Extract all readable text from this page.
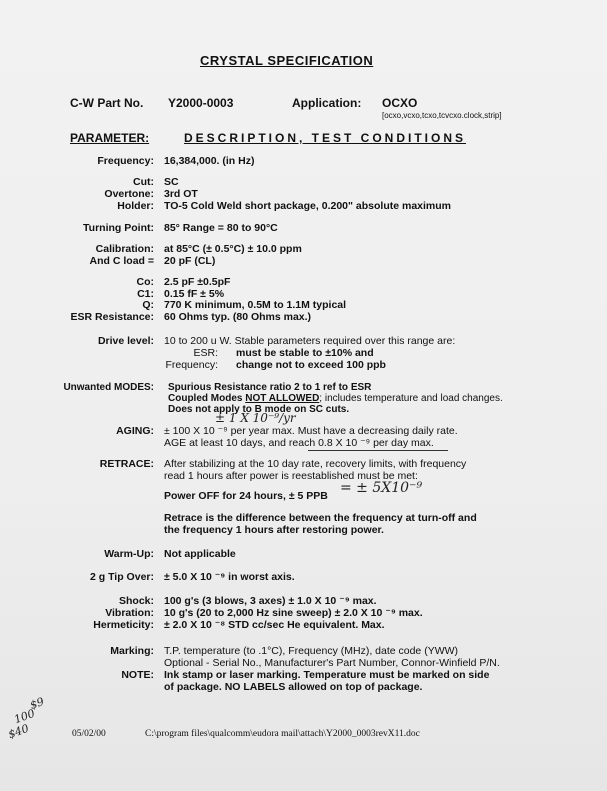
CRYSTAL SPECIFICATION
C-W Part No. Y2000-0003	Application: OCXO
[ocxo,vcxo,tcxo,tcvcxo.clock,strip]
PARAMETER:	DESCRIPTION, TEST CONDITIONS
Frequency: 16,384,000. (in Hz)
Cut: SC
Overtone: 3rd OT
Holder: TO-5 Cold Weld short package, 0.200" absolute maximum
Turning Point: 85° Range = 80 to 90°C
Calibration: at 85°C (± 0.5°C) ± 10.0 ppm
And C load = 20 pF (CL)
Co: 2.5 pF ±0.5pF
C1: 0.15 fF ± 5%
Q: 770 K minimum, 0.5M to 1.1M typical
ESR Resistance: 60 Ohms typ. (80 Ohms max.)
Drive level: 10 to 200 u W. Stable parameters required over this range are:
ESR: must be stable to ±10% and
Frequency: change not to exceed 100 ppb
Unwanted MODES: Spurious Resistance ratio 2 to 1 ref to ESR
Coupled Modes NOT ALLOWED; includes temperature and load changes.
Does not apply to B mode on SC cuts.
± 1 X 10⁻⁹/yr
AGING: ± 100 X 10 ⁻⁹ per year max. Must have a decreasing daily rate.
AGE at least 10 days, and reach 0.8 X 10 ⁻⁹ per day max.
RETRACE: After stabilizing at the 10 day rate, recovery limits, with frequency
read 1 hours after power is reestablished must be met:
Power OFF for 24 hours, ± 5 PPB = ± 5X10⁻⁹
Retrace is the difference between the frequency at turn-off and
the frequency 1 hours after restoring power.
Warm-Up: Not applicable
2 g Tip Over: ± 5.0 X 10 ⁻⁹ in worst axis.
Shock: 100 g's (3 blows, 3 axes) ± 1.0 X 10 ⁻⁹ max.
Vibration: 10 g's (20 to 2,000 Hz sine sweep) ± 2.0 X 10 ⁻⁹ max.
Hermeticity: ± 2.0 X 10 ⁻⁸ STD cc/sec He equivalent. Max.
Marking: T.P. temperature (to .1°C), Frequency (MHz), date code (YWW)
Optional - Serial No., Manufacturer's Part Number, Connor-Winfield P/N.
NOTE: Ink stamp or laser marking. Temperature must be marked on side
of package. NO LABELS allowed on top of package.
$9
100
$40	05/02/00	C:\program files\qualcomm\eudora mail\attach\Y2000_0003revX11.doc
